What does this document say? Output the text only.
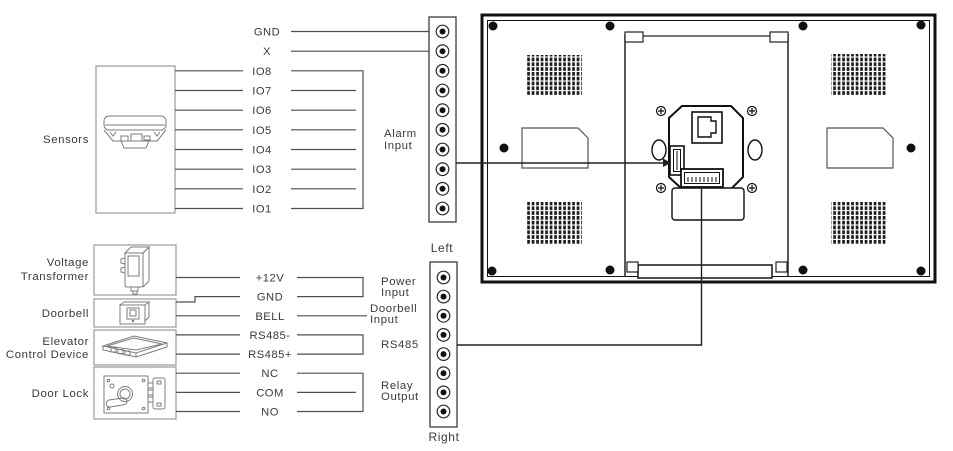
Sensors
Voltage
Transformer
Doorbell
Elevator
Control Device
Door Lock
GND
X
IO8
IO7
IO6
IO5
IO4
IO3
IO2
IO1
Alarm
Input
+12V
GND
BELL
RS485-
RS485+
NC
COM
NO
Power
Input
Doorbell
Input
RS485
Relay
Output
Left
Right
